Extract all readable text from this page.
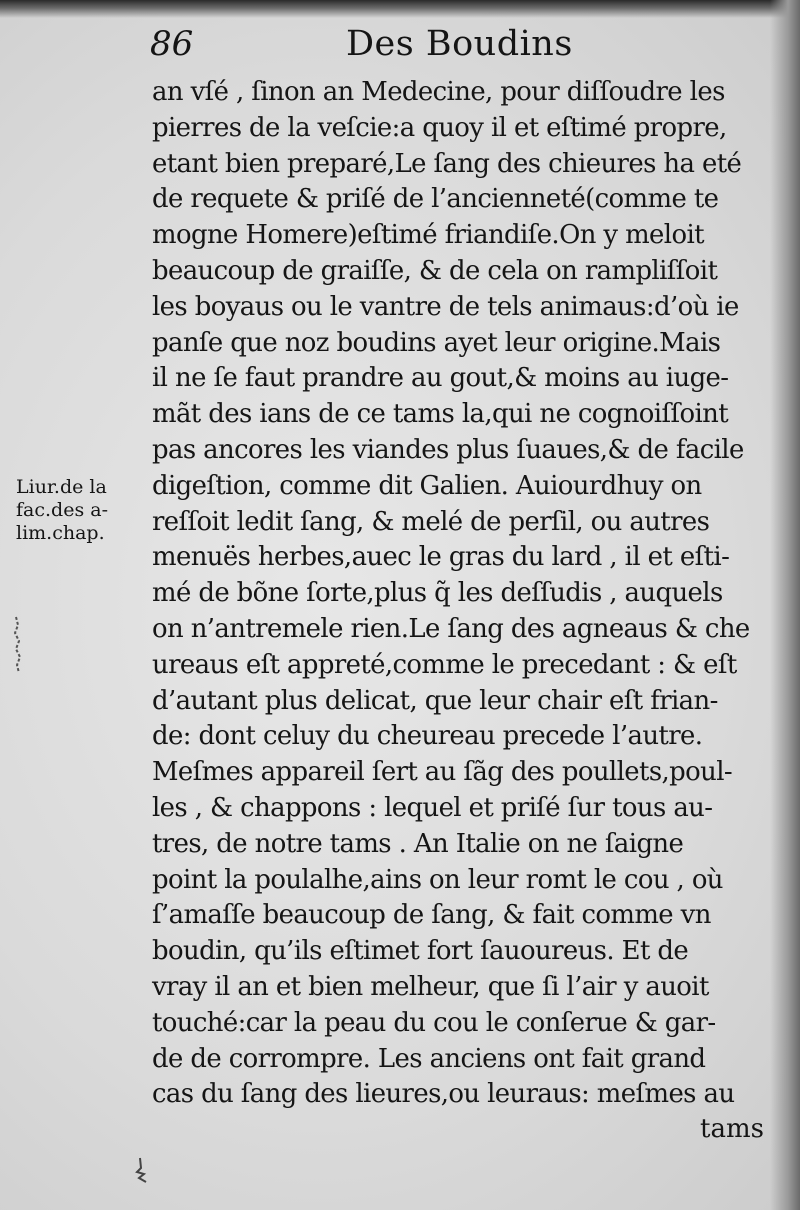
86	Des Boudins
Liur.de la
fac.des a-
lim.chap.
an vſé , ſinon an Medecine, pour diſſoudre les
pierres de la veſcie:a quoy il et eſtimé propre,
etant bien preparé,Le ſang des chieures ha eté
de requete & priſé de l’ancienneté(comme te
mogne Homere)eſtimé friandiſe.On y meloit
beaucoup de graiſſe, & de cela on rampliſſoit
les boyaus ou le vantre de tels animaus:d’où ie
panſe que noz boudins ayet leur origine.Mais
il ne ſe faut prandre au gout,& moins au iuge-
mãt des ians de ce tams la,qui ne cognoiſſoint
pas ancores les viandes plus ſuaues,& de facile
digeſtion, comme dit Galien. Auiourdhuy on
reſſoit ledit ſang, & melé de perſil, ou autres
menuës herbes,auec le gras du lard , il et eſti-
mé de bõne ſorte,plus q̃ les deſſudis , auquels
on n’antremele rien.Le ſang des agneaus & che
ureaus eſt appreté,comme le precedant : & eſt
d’autant plus delicat, que leur chair eſt frian-
de: dont celuy du cheureau precede l’autre.
Meſmes appareil ſert au ſãg des poullets,poul-
les , & chappons : lequel et priſé ſur tous au-
tres, de notre tams . An Italie on ne ſaigne
point la poulalhe,ains on leur romt le cou , où
ſ’amaſſe beaucoup de ſang, & fait comme vn
boudin, qu’ils eſtimet fort ſauoureus. Et de
vray il an et bien melheur, que ſi l’air y auoit
touché:car la peau du cou le conſerue & gar-
de de corrompre. Les anciens ont fait grand
cas du ſang des lieures,ou leuraus: meſmes au
tams
